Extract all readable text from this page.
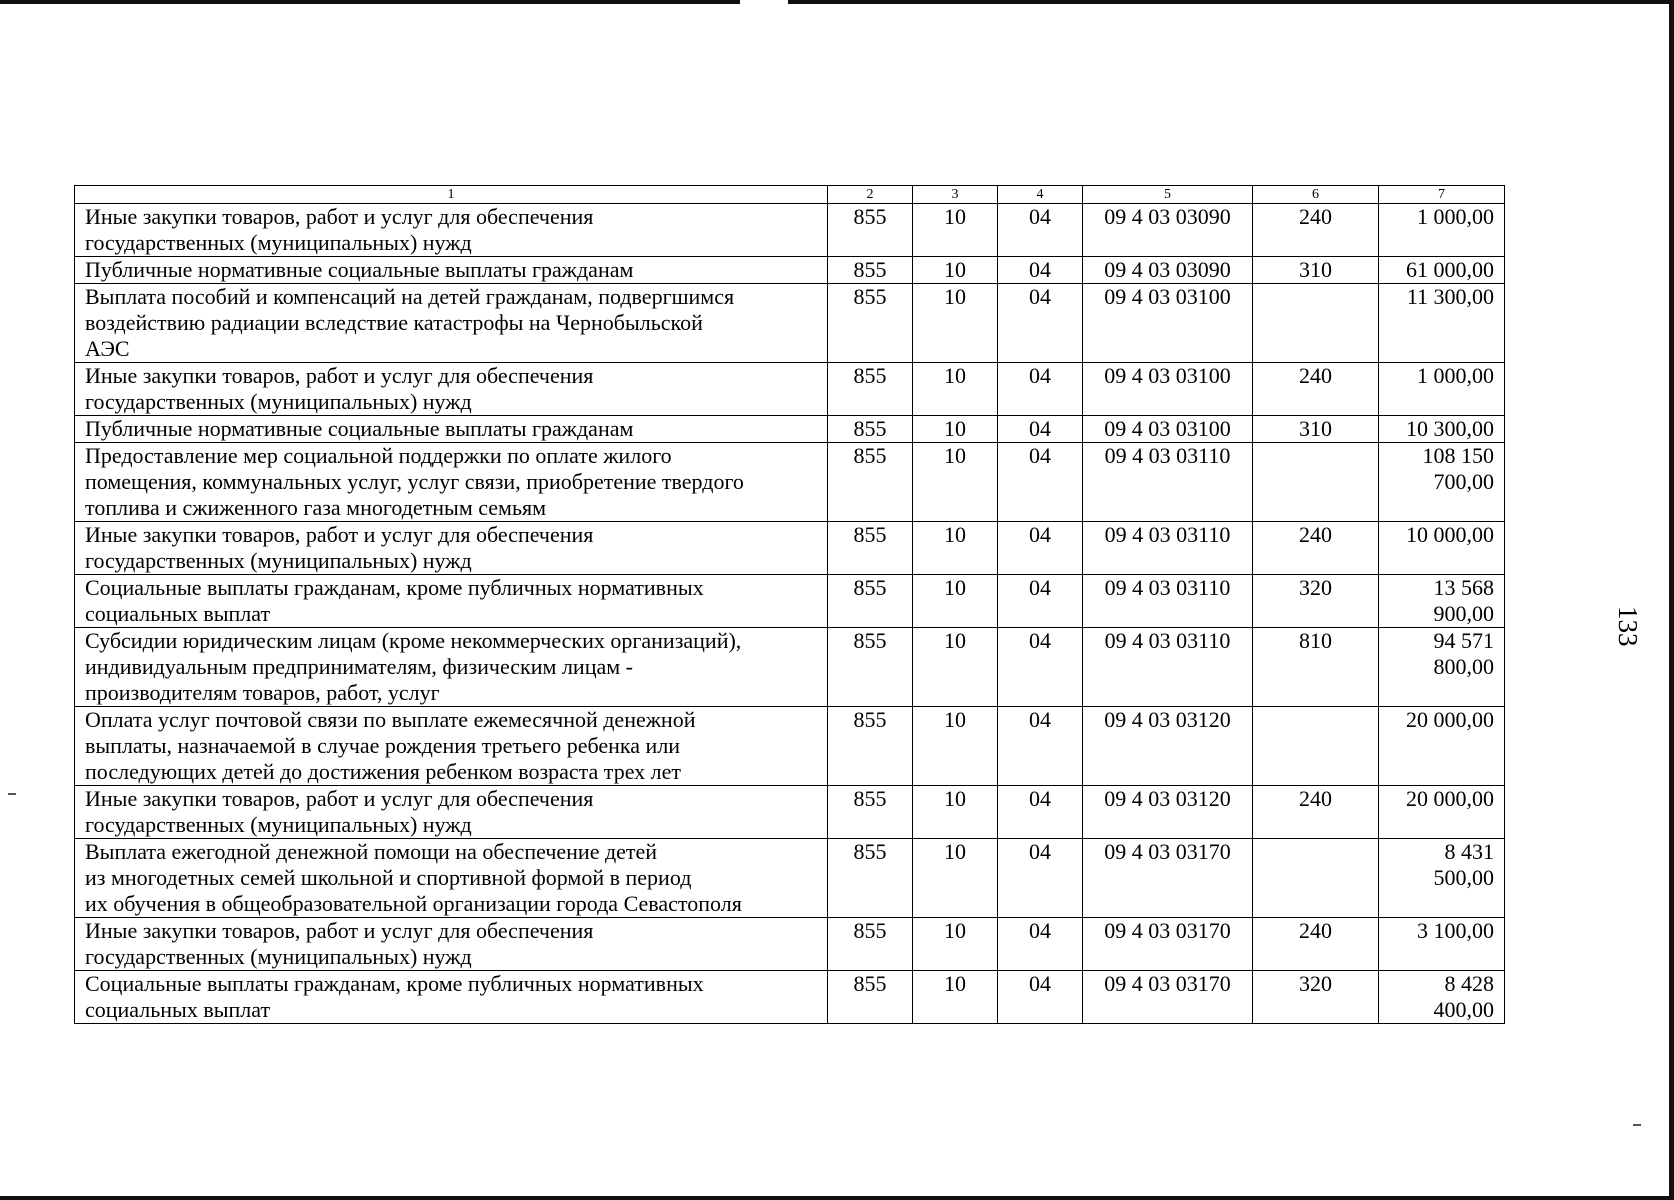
133
1	2	3	4	5	6	7
Иные закупки товаров, работ и услуг для обеспечения
государственных (муниципальных) нужд	855	10	04	09 4 03 03090	240	1 000,00
Публичные нормативные социальные выплаты гражданам	855	10	04	09 4 03 03090	310	61 000,00
Выплата пособий и компенсаций на детей гражданам, подвергшимся
воздействию радиации вследствие катастрофы на Чернобыльской
АЭС	855	10	04	09 4 03 03100		11 300,00
Иные закупки товаров, работ и услуг для обеспечения
государственных (муниципальных) нужд	855	10	04	09 4 03 03100	240	1 000,00
Публичные нормативные социальные выплаты гражданам	855	10	04	09 4 03 03100	310	10 300,00
Предоставление мер социальной поддержки по оплате жилого
помещения, коммунальных услуг, услуг связи, приобретение твердого
топлива и сжиженного газа многодетным семьям	855	10	04	09 4 03 03110		108 150 700,00
Иные закупки товаров, работ и услуг для обеспечения
государственных (муниципальных) нужд	855	10	04	09 4 03 03110	240	10 000,00
Социальные выплаты гражданам, кроме публичных нормативных
социальных выплат	855	10	04	09 4 03 03110	320	13 568 900,00
Субсидии юридическим лицам (кроме некоммерческих организаций),
индивидуальным предпринимателям, физическим лицам -
производителям товаров, работ, услуг	855	10	04	09 4 03 03110	810	94 571 800,00
Оплата услуг почтовой связи по выплате ежемесячной денежной
выплаты, назначаемой в случае рождения третьего ребенка или
последующих детей до достижения ребенком возраста трех лет	855	10	04	09 4 03 03120		20 000,00
Иные закупки товаров, работ и услуг для обеспечения
государственных (муниципальных) нужд	855	10	04	09 4 03 03120	240	20 000,00
Выплата ежегодной денежной помощи на обеспечение детей
из многодетных семей школьной и спортивной формой в период
их обучения в общеобразовательной организации города Севастополя	855	10	04	09 4 03 03170		8 431 500,00
Иные закупки товаров, работ и услуг для обеспечения
государственных (муниципальных) нужд	855	10	04	09 4 03 03170	240	3 100,00
Социальные выплаты гражданам, кроме публичных нормативных
социальных выплат	855	10	04	09 4 03 03170	320	8 428 400,00
